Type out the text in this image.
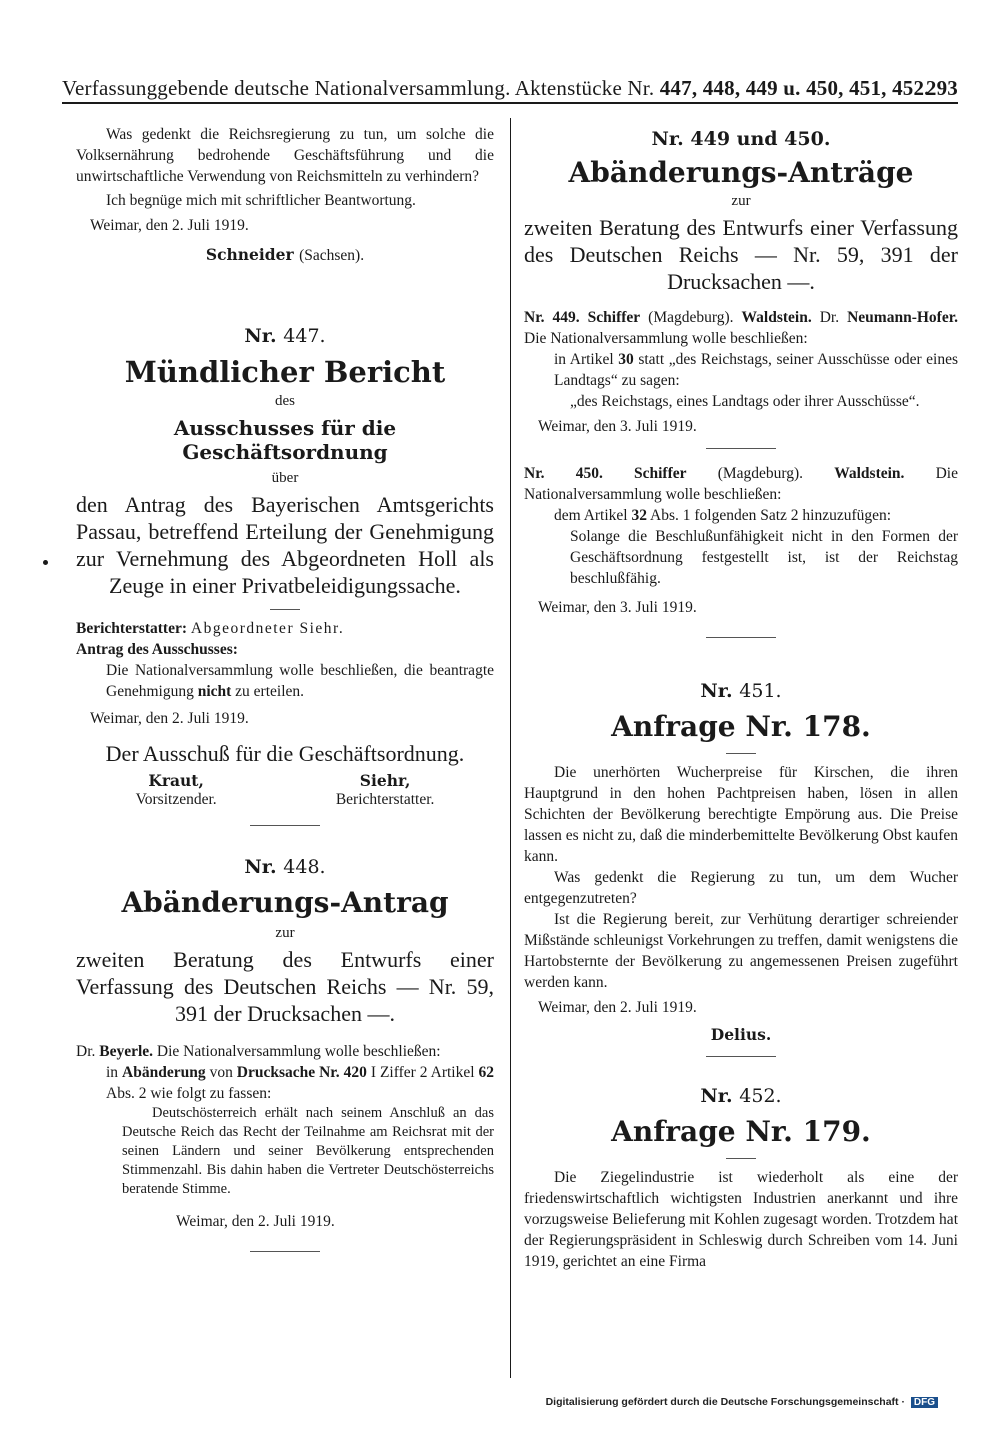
Verfassunggebende deutsche Nationalversammlung. Aktenstücke Nr. 447, 448, 449 u. 450, 451, 452.
293

Was gedenkt die Reichsregierung zu tun, um solche die Volksernährung bedrohende Geschäftsführung und die unwirtschaftliche Verwendung von Reichsmitteln zu verhindern?

Ich begnüge mich mit schriftlicher Beantwortung.

Weimar, den 2. Juli 1919.

Schneider (Sachsen).

Nr. 447.

Mündlicher Bericht

des

Ausschusses für die Geschäftsordnung

über

den Antrag des Bayerischen Amtsgerichts Passau, betreffend Erteilung der Genehmigung zur Vernehmung des Abgeordneten Holl als Zeuge in einer Privatbeleidigungssache.

Berichterstatter: Abgeordneter Siehr.

Antrag des Ausschusses:

Die Nationalversammlung wolle beschließen, die beantragte Genehmigung nicht zu erteilen.

Weimar, den 2. Juli 1919.

Der Ausschuß für die Geschäftsordnung.

Kraut,
Vorsitzender.
Siehr,
Berichterstatter.

Nr. 448.

Abänderungs-Antrag

zur

zweiten Beratung des Entwurfs einer Verfassung des Deutschen Reichs — Nr. 59, 391 der Drucksachen —.

Dr. Beyerle. Die Nationalversammlung wolle beschließen:

in Abänderung von Drucksache Nr. 420 I Ziffer 2 Artikel 62 Abs. 2 wie folgt zu fassen:

Deutschösterreich erhält nach seinem Anschluß an das Deutsche Reich das Recht der Teilnahme am Reichsrat mit der seinen Ländern und seiner Bevölkerung entsprechenden Stimmenzahl. Bis dahin haben die Vertreter Deutschösterreichs beratende Stimme.

Weimar, den 2. Juli 1919.

Nr. 449 und 450.

Abänderungs-Anträge

zur

zweiten Beratung des Entwurfs einer Verfassung des Deutschen Reichs — Nr. 59, 391 der Drucksachen —.

Nr. 449. Schiffer (Magdeburg). Waldstein. Dr. Neumann-Hofer. Die Nationalversammlung wolle beschließen:

in Artikel 30 statt „des Reichstags, seiner Ausschüsse oder eines Landtags“ zu sagen:

„des Reichstags, eines Landtags oder ihrer Ausschüsse“.

Weimar, den 3. Juli 1919.

Nr. 450. Schiffer (Magdeburg). Waldstein. Die Nationalversammlung wolle beschließen:

dem Artikel 32 Abs. 1 folgenden Satz 2 hinzuzufügen:

Solange die Beschlußunfähigkeit nicht in den Formen der Geschäftsordnung festgestellt ist, ist der Reichstag beschlußfähig.

Weimar, den 3. Juli 1919.

Nr. 451.

Anfrage Nr. 178.

Die unerhörten Wucherpreise für Kirschen, die ihren Hauptgrund in den hohen Pachtpreisen haben, lösen in allen Schichten der Bevölkerung berechtigte Empörung aus. Die Preise lassen es nicht zu, daß die minderbemittelte Bevölkerung Obst kaufen kann.

Was gedenkt die Regierung zu tun, um dem Wucher entgegenzutreten?

Ist die Regierung bereit, zur Verhütung derartiger schreiender Mißstände schleunigst Vorkehrungen zu treffen, damit wenigstens die Hartobsternte der Bevölkerung zu angemessenen Preisen zugeführt werden kann.

Weimar, den 2. Juli 1919.

Delius.

Nr. 452.

Anfrage Nr. 179.

Die Ziegelindustrie ist wiederholt als eine der friedenswirtschaftlich wichtigsten Industrien anerkannt und ihre vorzugsweise Belieferung mit Kohlen zugesagt worden. Trotzdem hat der Regierungspräsident in Schleswig durch Schreiben vom 14. Juni 1919, gerichtet an eine Firma

Digitalisierung gefördert durch die Deutsche Forschungsgemeinschaft · DFG
